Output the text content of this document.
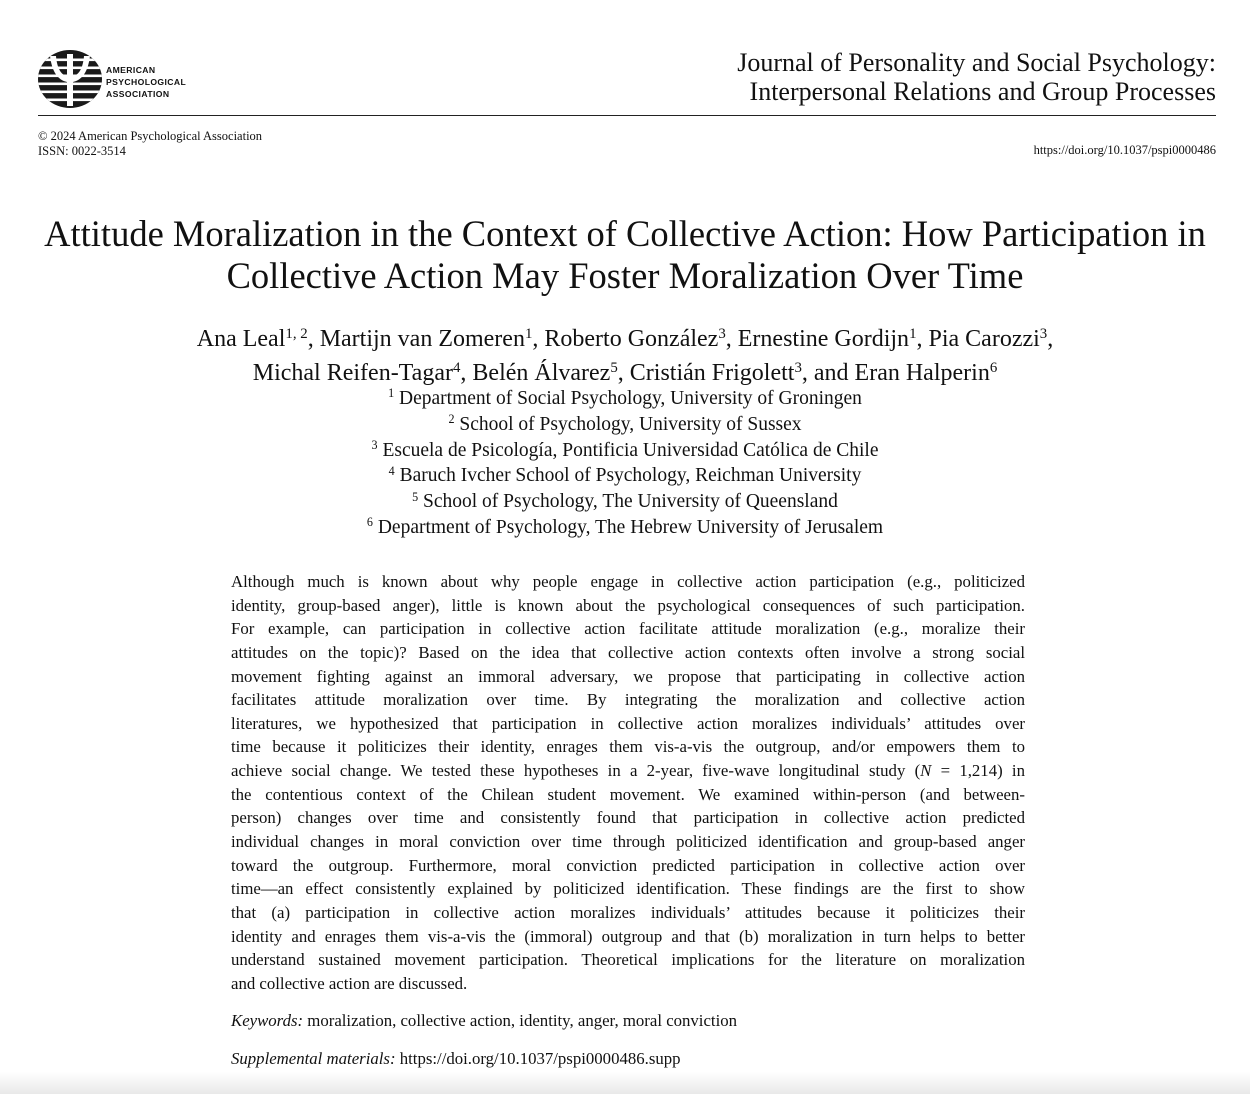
AMERICAN
PSYCHOLOGICAL
ASSOCIATION
Journal of Personality and Social Psychology:
Interpersonal Relations and Group Processes
© 2024 American Psychological Association
ISSN: 0022-3514	https://doi.org/10.1037/pspi0000486
Attitude Moralization in the Context of Collective Action: How Participation in
Collective Action May Foster Moralization Over Time
Ana Leal$^{1, 2}$, Martijn van Zomeren$^1$, Roberto González$^3$, Ernestine Gordijn$^1$, Pia Carozzi$^3$,
Michal Reifen-Tagar$^4$, Belén Álvarez$^5$, Cristián Frigolett$^3$, and Eran Halperin$^6$
$^1$ Department of Social Psychology, University of Groningen
$^2$ School of Psychology, University of Sussex
$^3$ Escuela de Psicología, Pontificia Universidad Católica de Chile
$^4$ Baruch Ivcher School of Psychology, Reichman University
$^5$ School of Psychology, The University of Queensland
$^6$ Department of Psychology, The Hebrew University of Jerusalem
Although much is known about why people engage in collective action participation (e.g., politicized
identity, group-based anger), little is known about the psychological consequences of such participation.
For example, can participation in collective action facilitate attitude moralization (e.g., moralize their
attitudes on the topic)? Based on the idea that collective action contexts often involve a strong social
movement fighting against an immoral adversary, we propose that participating in collective action
facilitates attitude moralization over time. By integrating the moralization and collective action
literatures, we hypothesized that participation in collective action moralizes individuals’ attitudes over
time because it politicizes their identity, enrages them vis-a-vis the outgroup, and/or empowers them to
achieve social change. We tested these hypotheses in a 2-year, five-wave longitudinal study (N = 1,214) in
the contentious context of the Chilean student movement. We examined within-person (and between-
person) changes over time and consistently found that participation in collective action predicted
individual changes in moral conviction over time through politicized identification and group-based anger
toward the outgroup. Furthermore, moral conviction predicted participation in collective action over
time—an effect consistently explained by politicized identification. These findings are the first to show
that (a) participation in collective action moralizes individuals’ attitudes because it politicizes their
identity and enrages them vis-a-vis the (immoral) outgroup and that (b) moralization in turn helps to better
understand sustained movement participation. Theoretical implications for the literature on moralization
and collective action are discussed.
Keywords: moralization, collective action, identity, anger, moral conviction
Supplemental materials: https://doi.org/10.1037/pspi0000486.supp
